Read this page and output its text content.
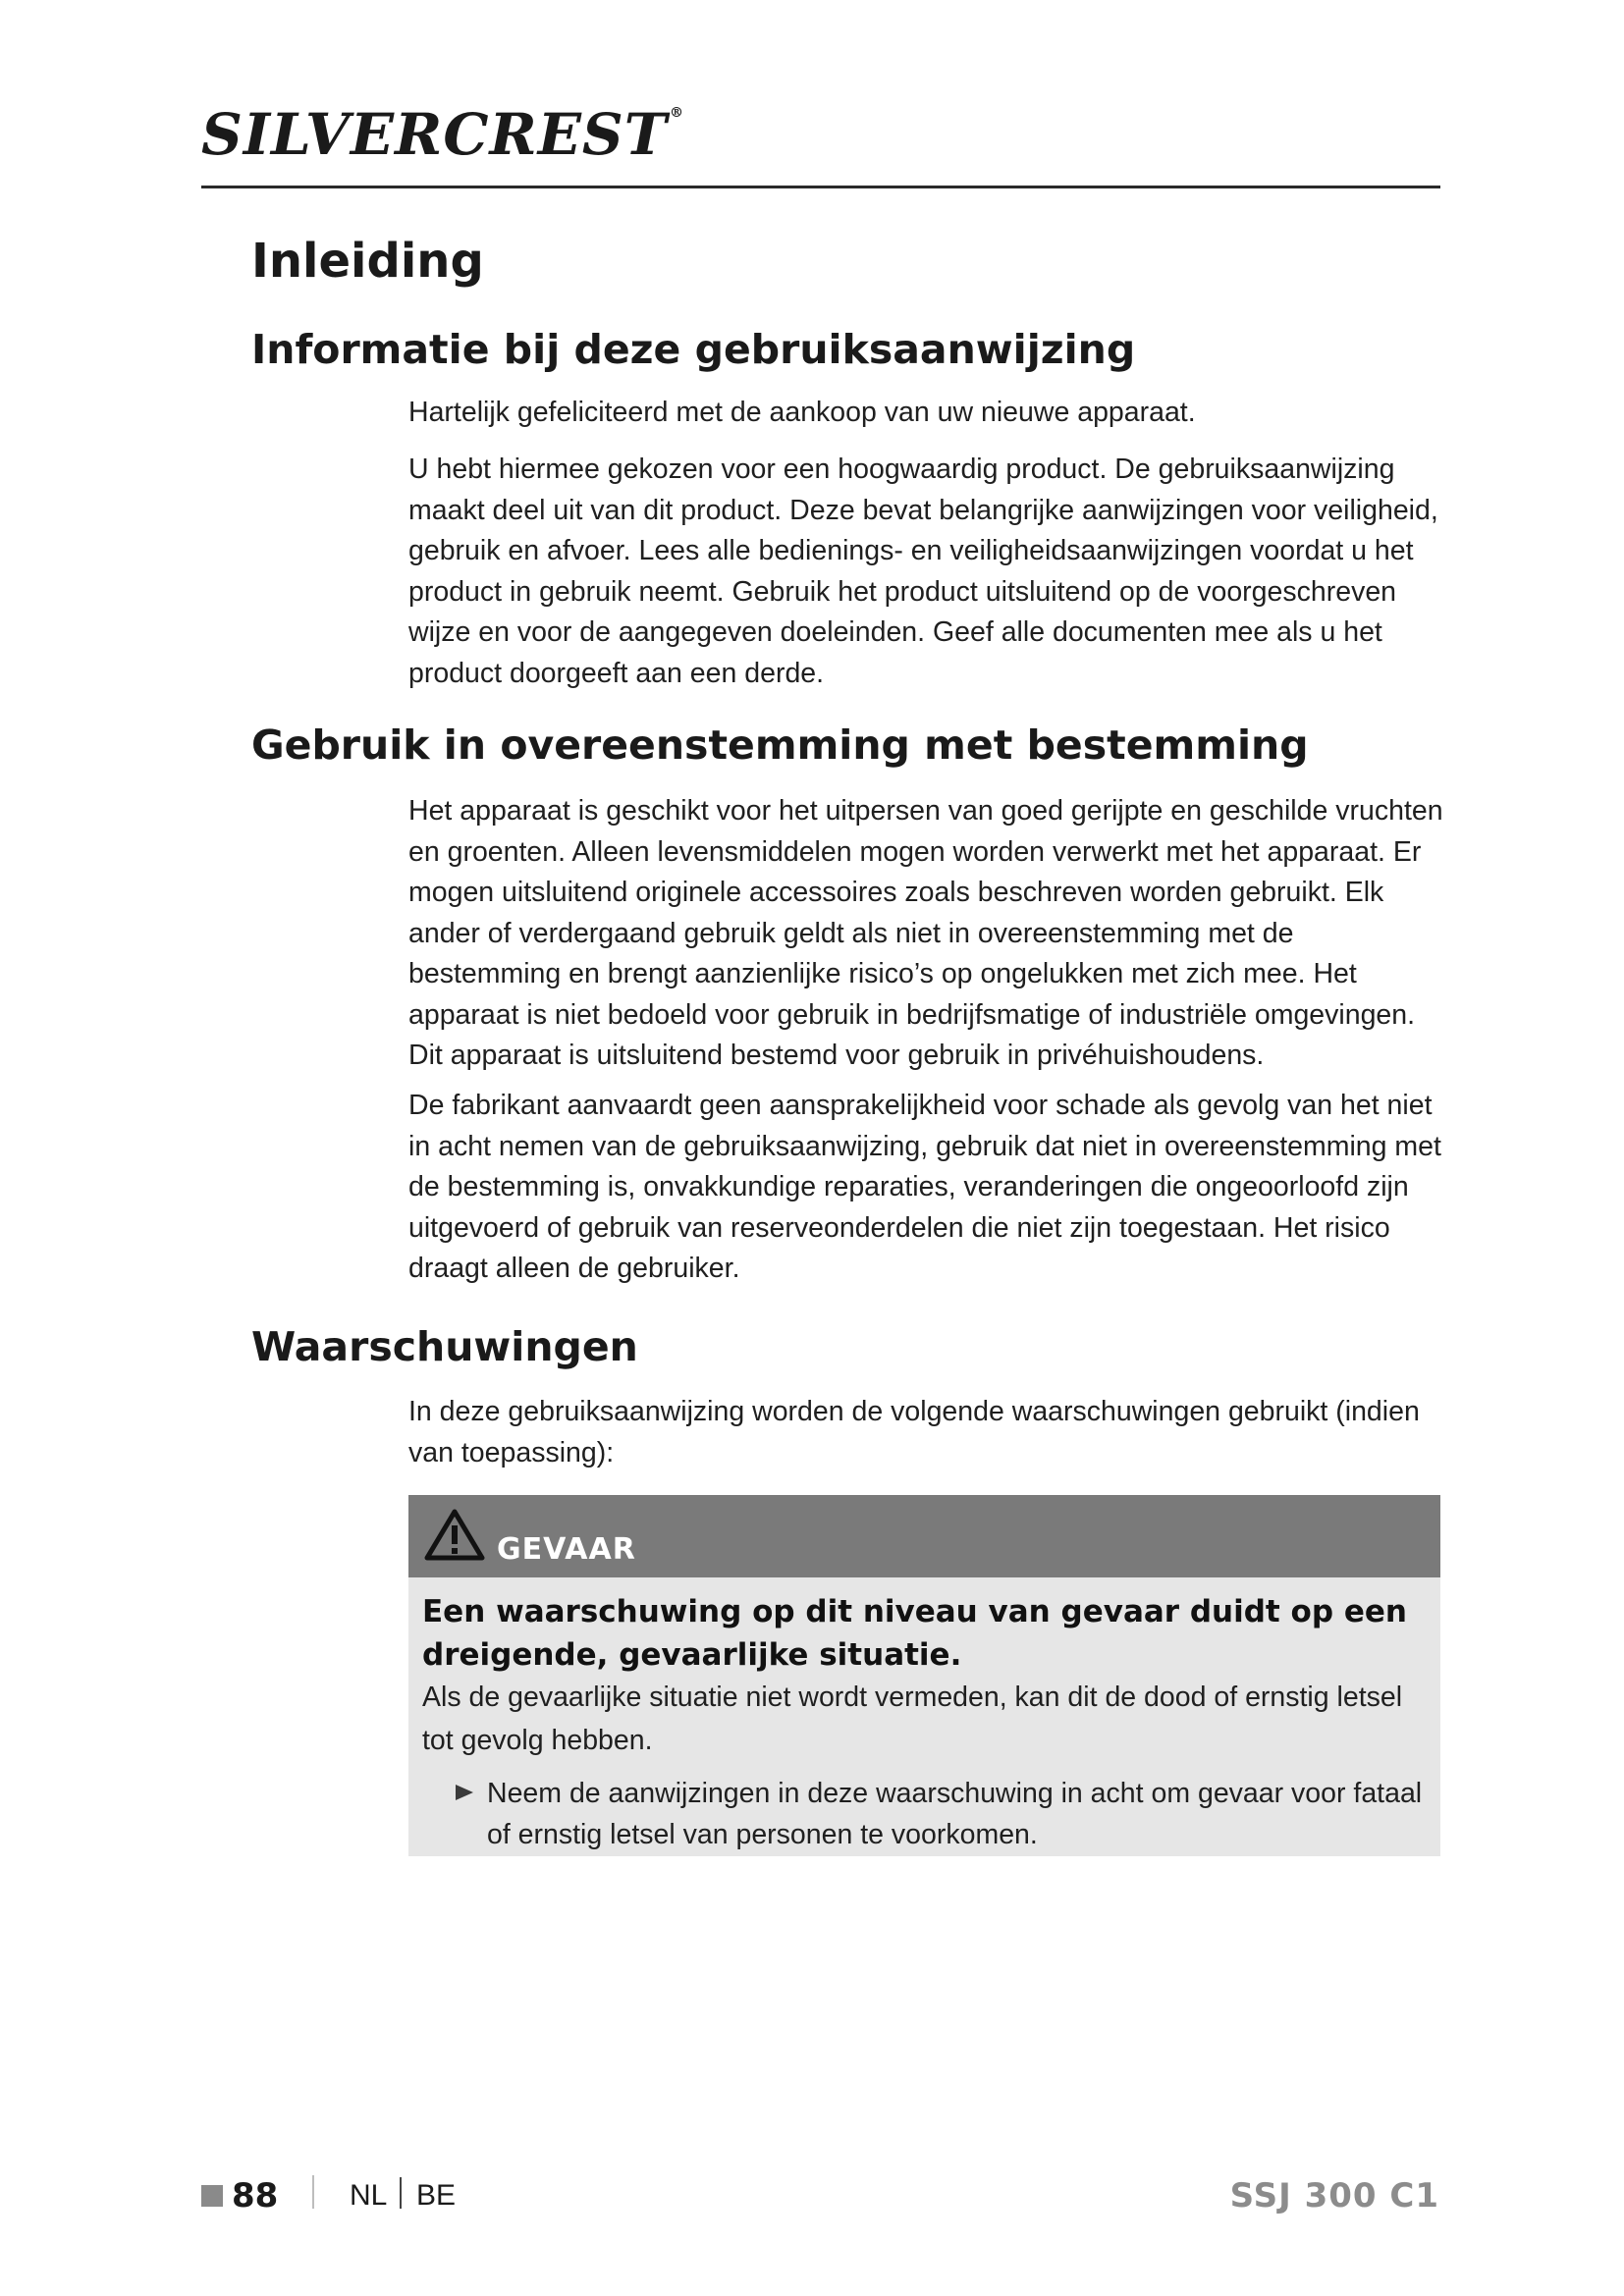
SILVERCREST ®
Inleiding
Informatie bij deze gebruiksaanwijzing

Hartelijk gefeliciteerd met de aankoop van uw nieuwe apparaat.

U hebt hiermee gekozen voor een hoogwaardig product. De gebruiksaanwijzing maakt deel uit van dit product. Deze bevat belangrijke aanwijzingen voor veiligheid, gebruik en afvoer. Lees alle bedienings- en veiligheidsaanwijzingen voordat u het product in gebruik neemt. Gebruik het product uitsluitend op de voorgeschreven wijze en voor de aangegeven doeleinden. Geef alle documenten mee als u het product doorgeeft aan een derde.

Gebruik in overeenstemming met bestemming

Het apparaat is geschikt voor het uitpersen van goed gerijpte en geschilde vruchten en groenten. Alleen levensmiddelen mogen worden verwerkt met het apparaat. Er mogen uitsluitend originele accessoires zoals beschreven worden gebruikt. Elk ander of verdergaand gebruik geldt als niet in overeenstemming met de bestemming en brengt aanzienlijke risico’s op ongelukken met zich mee. Het apparaat is niet bedoeld voor gebruik in bedrijfsmatige of industriële omgevingen. Dit apparaat is uitsluitend bestemd voor gebruik in privéhuishoudens.

De fabrikant aanvaardt geen aansprakelijkheid voor schade als gevolg van het niet in acht nemen van de gebruiksaanwijzing, gebruik dat niet in overeenstemming met de bestemming is, onvakkundige reparaties, veranderingen die ongeoorloofd zijn uitgevoerd of gebruik van reserveonderdelen die niet zijn toegestaan. Het risico draagt alleen de gebruiker.

Waarschuwingen

In deze gebruiksaanwijzing worden de volgende waarschuwingen gebruikt (indien van toepassing):

GEVAAR

Een waarschuwing op dit niveau van gevaar duidt op een dreigende, gevaarlijke situatie.

Als de gevaarlijke situatie niet wordt vermeden, kan dit de dood of ernstig letsel tot gevolg hebben.

Neem de aanwijzingen in deze waarschuwing in acht om gevaar voor fataal of ernstig letsel van personen te voorkomen.
88 NL BE	SSJ 300 C1
